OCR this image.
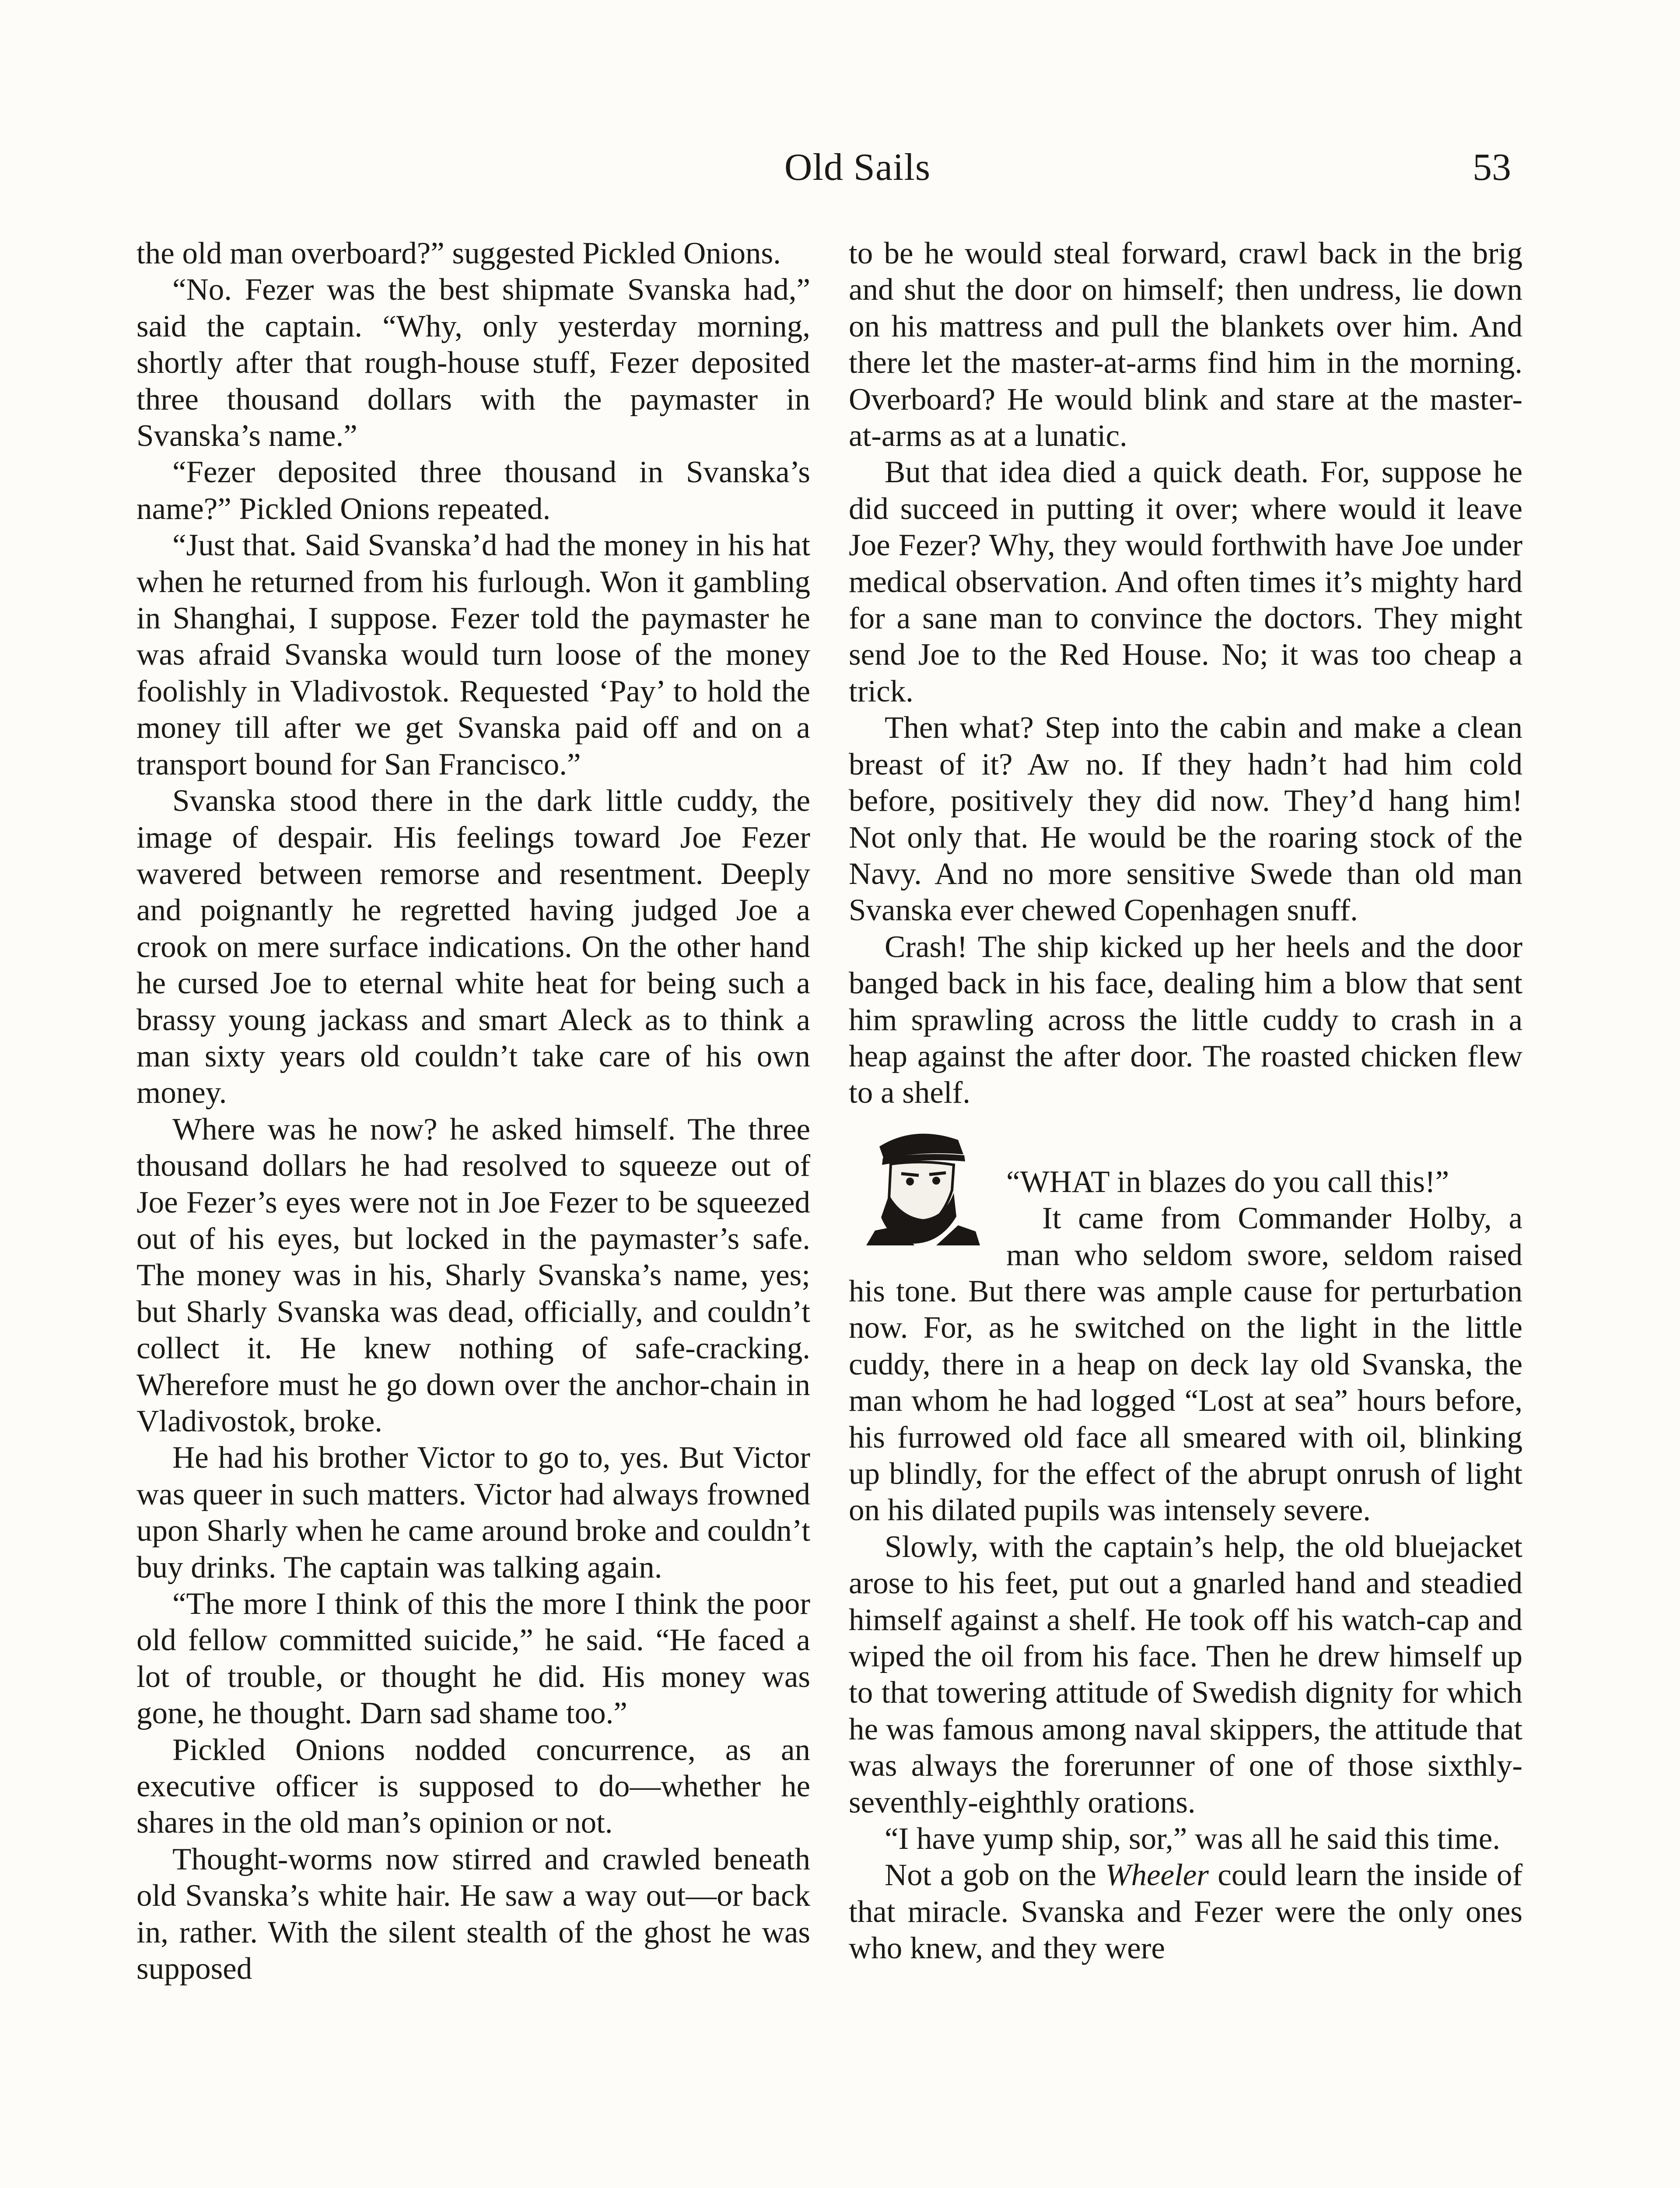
Old Sails	53

the old man overboard?” suggested Pickled Onions.

“No. Fezer was the best shipmate Svanska had,” said the captain. “Why, only yesterday morning, shortly after that rough-house stuff, Fezer deposited three thousand dollars with the paymaster in Svanska’s name.”

“Fezer deposited three thousand in Svanska’s name?” Pickled Onions repeated.

“Just that. Said Svanska’d had the money in his hat when he returned from his furlough. Won it gambling in Shanghai, I suppose. Fezer told the paymaster he was afraid Svanska would turn loose of the money foolishly in Vladivostok. Requested ‘Pay’ to hold the money till after we get Svanska paid off and on a transport bound for San Francisco.”

Svanska stood there in the dark little cuddy, the image of despair. His feelings toward Joe Fezer wavered between remorse and resentment. Deeply and poignantly he regretted having judged Joe a crook on mere surface indications. On the other hand he cursed Joe to eternal white heat for being such a brassy young jackass and smart Aleck as to think a man sixty years old couldn’t take care of his own money.

Where was he now? he asked himself. The three thousand dollars he had resolved to squeeze out of Joe Fezer’s eyes were not in Joe Fezer to be squeezed out of his eyes, but locked in the paymaster’s safe. The money was in his, Sharly Svanska’s name, yes; but Sharly Svanska was dead, officially, and couldn’t collect it. He knew nothing of safe-cracking. Wherefore must he go down over the anchor-chain in Vladivostok, broke.

He had his brother Victor to go to, yes. But Victor was queer in such matters. Victor had always frowned upon Sharly when he came around broke and couldn’t buy drinks. The captain was talking again.

“The more I think of this the more I think the poor old fellow committed suicide,” he said. “He faced a lot of trouble, or thought he did. His money was gone, he thought. Darn sad shame too.”

Pickled Onions nodded concurrence, as an executive officer is supposed to do—whether he shares in the old man’s opinion or not.

Thought-worms now stirred and crawled beneath old Svanska’s white hair. He saw a way out—or back in, rather. With the silent stealth of the ghost he was supposed

to be he would steal forward, crawl back in the brig and shut the door on himself; then undress, lie down on his mattress and pull the blankets over him. And there let the master-at-arms find him in the morning. Overboard? He would blink and stare at the master-at-arms as at a lunatic.

But that idea died a quick death. For, suppose he did succeed in putting it over; where would it leave Joe Fezer? Why, they would forthwith have Joe under medical observation. And often times it’s mighty hard for a sane man to convince the doctors. They might send Joe to the Red House. No; it was too cheap a trick.

Then what? Step into the cabin and make a clean breast of it? Aw no. If they hadn’t had him cold before, positively they did now. They’d hang him! Not only that. He would be the roaring stock of the Navy. And no more sensitive Swede than old man Svanska ever chewed Copenhagen snuff.

Crash! The ship kicked up her heels and the door banged back in his face, dealing him a blow that sent him sprawling across the little cuddy to crash in a heap against the after door. The roasted chicken flew to a shelf.

“WHAT in blazes do you call this!”

It came from Commander Holby, a man who seldom swore, seldom raised his tone. But there was ample cause for perturbation now. For, as he switched on the light in the little cuddy, there in a heap on deck lay old Svanska, the man whom he had logged “Lost at sea” hours before, his furrowed old face all smeared with oil, blinking up blindly, for the effect of the abrupt onrush of light on his dilated pupils was intensely severe.

Slowly, with the captain’s help, the old bluejacket arose to his feet, put out a gnarled hand and steadied himself against a shelf. He took off his watch-cap and wiped the oil from his face. Then he drew himself up to that towering attitude of Swedish dignity for which he was famous among naval skippers, the attitude that was always the forerunner of one of those sixthly-seventhly-eighthly orations.

“I have yump ship, sor,” was all he said this time.

Not a gob on the Wheeler could learn the inside of that miracle. Svanska and Fezer were the only ones who knew, and they were
